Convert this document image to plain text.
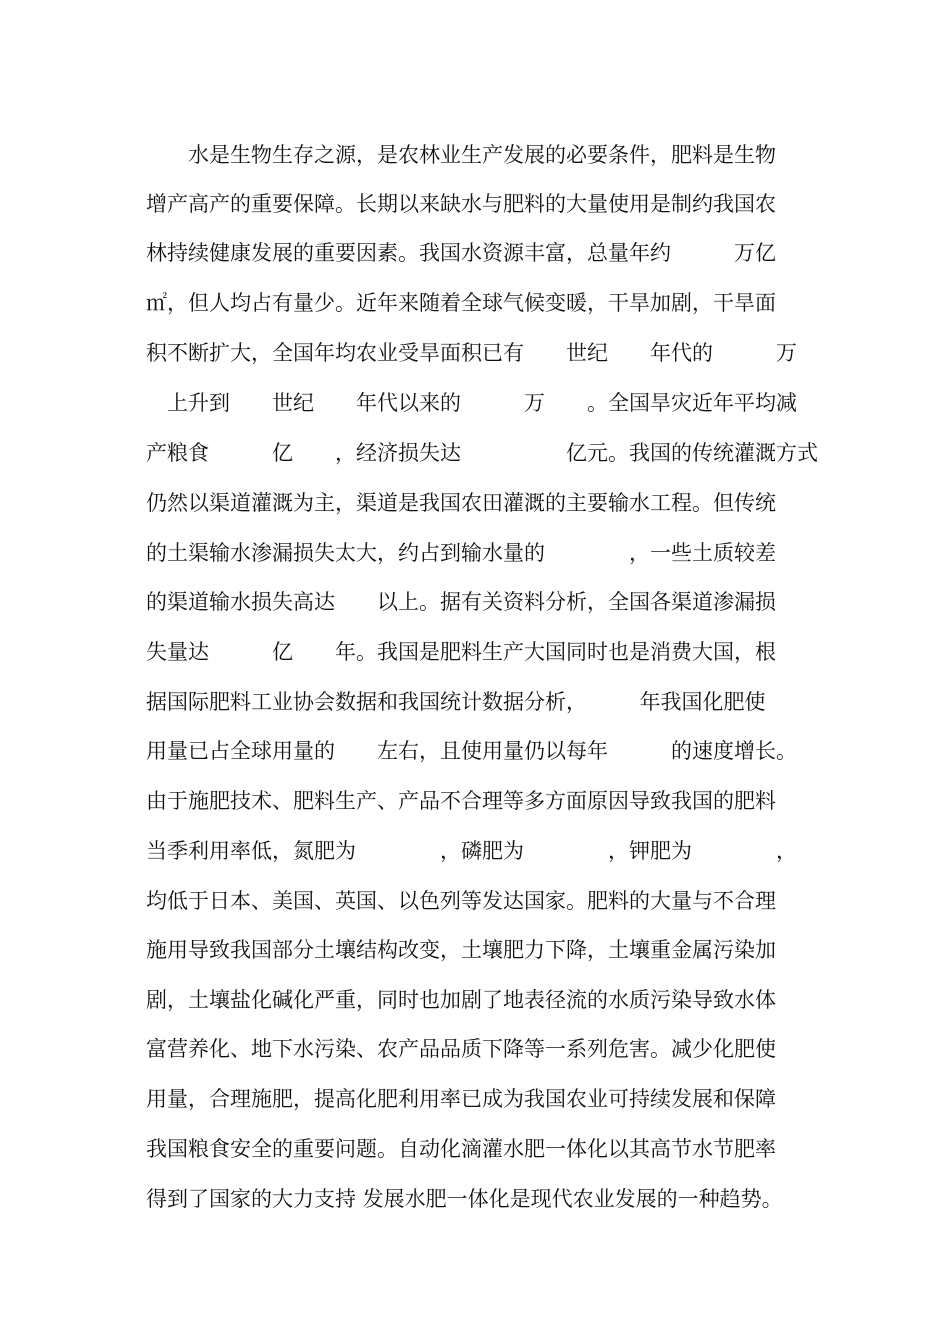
　　水是生物生存之源，是农林业生产发展的必要条件，肥料是生物
增产高产的重要保障。长期以来缺水与肥料的大量使用是制约我国农
林持续健康发展的重要因素。我国水资源丰富，总量年约　　　万亿
㎡，但人均占有量少。近年来随着全球气候变暖，干旱加剧，干旱面
积不断扩大，全国年均农业受旱面积已有　　世纪　　年代的　　　万
　上升到　　世纪　　年代以来的　　　万　　。全国旱灾近年平均减
产粮食　　　亿　　，经济损失达　　　　　亿元。我国的传统灌溉方式
仍然以渠道灌溉为主，渠道是我国农田灌溉的主要输水工程。但传统
的土渠输水渗漏损失太大，约占到输水量的　　　　，一些土质较差
的渠道输水损失高达　　以上。据有关资料分析，全国各渠道渗漏损
失量达　　　亿　　年。我国是肥料生产大国同时也是消费大国，根
据国际肥料工业协会数据和我国统计数据分析，　　　年我国化肥使
用量已占全球用量的　　左右，且使用量仍以每年　　　的速度增长。
由于施肥技术、肥料生产、产品不合理等多方面原因导致我国的肥料
当季利用率低，氮肥为　　　　，磷肥为　　　　，钾肥为　　　　，
均低于日本、美国、英国、以色列等发达国家。肥料的大量与不合理
施用导致我国部分土壤结构改变，土壤肥力下降，土壤重金属污染加
剧，土壤盐化碱化严重，同时也加剧了地表径流的水质污染导致水体
富营养化、地下水污染、农产品品质下降等一系列危害。减少化肥使
用量，合理施肥，提高化肥利用率已成为我国农业可持续发展和保障
我国粮食安全的重要问题。自动化滴灌水肥一体化以其高节水节肥率
得到了国家的大力支持 发展水肥一体化是现代农业发展的一种趋势。
